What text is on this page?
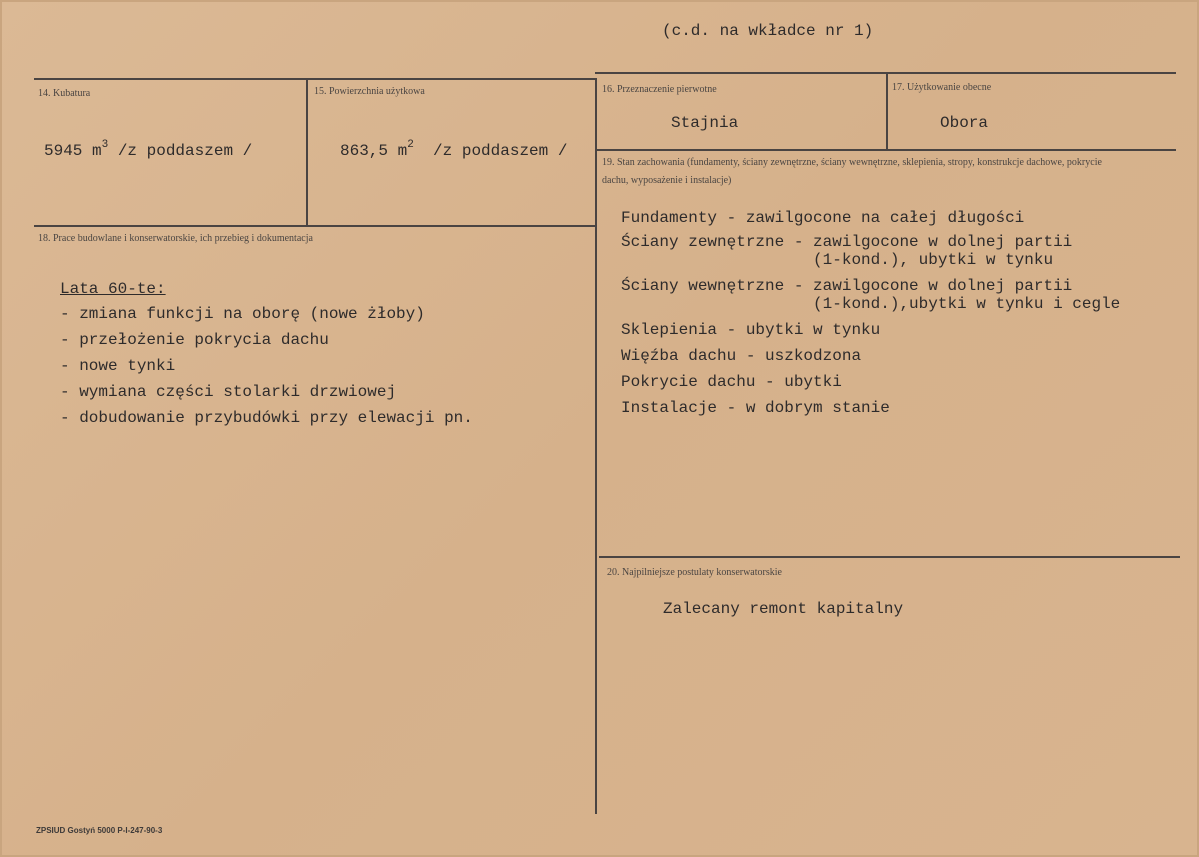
(c.d. na wkładce nr 1)
14. Kubatura
5945 $m^3$ /z poddaszem /
15. Powierzchnia użytkowa
863,5 $m^2$  /z poddaszem /
16. Przeznaczenie pierwotne
Stajnia
17. Użytkowanie obecne
Obora
18. Prace budowlane i konserwatorskie, ich przebieg i dokumentacja
Lata 60-te:
- zmiana funkcji na oborę (nowe żłoby)
- przełożenie pokrycia dachu
- nowe tynki
- wymiana części stolarki drzwiowej
- dobudowanie przybudówki przy elewacji pn.
19. Stan zachowania (fundamenty, ściany zewnętrzne, ściany wewnętrzne, sklepienia, stropy, konstrukcje dachowe, pokrycie dachu, wyposażenie i instalacje)
Fundamenty - zawilgocone na całej długości
Ściany zewnętrzne - zawilgocone w dolnej partii
(1-kond.), ubytki w tynku
Ściany wewnętrzne - zawilgocone w dolnej partii
(1-kond.),ubytki w tynku i cegle
Sklepienia - ubytki w tynku
Więźba dachu - uszkodzona
Pokrycie dachu - ubytki
Instalacje - w dobrym stanie
20. Najpilniejsze postulaty konserwatorskie
Zalecany remont kapitalny
ZPSIUD Gostyń 5000 P-I-247-90-3
